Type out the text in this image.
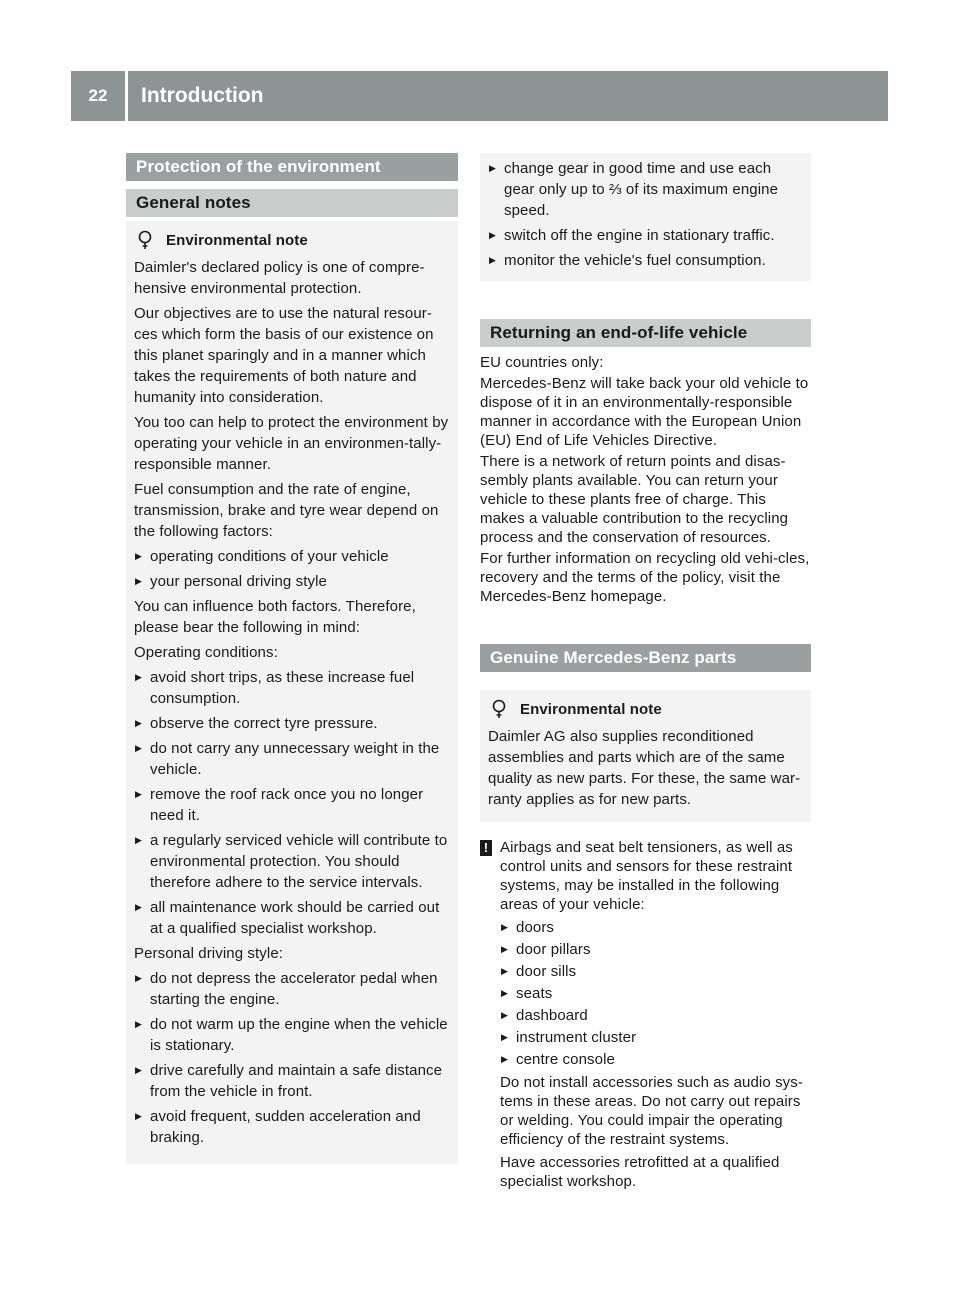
22	Introduction
Protection of the environment
General notes
Environmental note

Daimler's declared policy is one of compre-hensive environmental protection.

Our objectives are to use the natural resour-ces which form the basis of our existence on this planet sparingly and in a manner which takes the requirements of both nature and humanity into consideration.

You too can help to protect the environment by operating your vehicle in an environmen-tally-responsible manner.

Fuel consumption and the rate of engine, transmission, brake and tyre wear depend on the following factors:

▶ operating conditions of your vehicle
▶ your personal driving style

You can influence both factors. Therefore, please bear the following in mind:

Operating conditions:

▶ avoid short trips, as these increase fuel consumption.
▶ observe the correct tyre pressure.
▶ do not carry any unnecessary weight in the vehicle.
▶ remove the roof rack once you no longer need it.
▶ a regularly serviced vehicle will contribute to environmental protection. You should therefore adhere to the service intervals.
▶ all maintenance work should be carried out at a qualified specialist workshop.

Personal driving style:

▶ do not depress the accelerator pedal when starting the engine.
▶ do not warm up the engine when the vehicle is stationary.
▶ drive carefully and maintain a safe distance from the vehicle in front.
▶ avoid frequent, sudden acceleration and braking.
▶ change gear in good time and use each gear only up to ⅔ of its maximum engine speed.
▶ switch off the engine in stationary traffic.
▶ monitor the vehicle's fuel consumption.
Returning an end-of-life vehicle

EU countries only:

Mercedes-Benz will take back your old vehicle to dispose of it in an environmentally-responsible manner in accordance with the European Union (EU) End of Life Vehicles Directive.

There is a network of return points and disas-sembly plants available. You can return your vehicle to these plants free of charge. This makes a valuable contribution to the recycling process and the conservation of resources.

For further information on recycling old vehi-cles, recovery and the terms of the policy, visit the Mercedes-Benz homepage.

Genuine Mercedes-Benz parts
Environmental note

Daimler AG also supplies reconditioned assemblies and parts which are of the same quality as new parts. For these, the same war-ranty applies as for new parts.

! Airbags and seat belt tensioners, as well as control units and sensors for these restraint systems, may be installed in the following areas of your vehicle:

▶ doors
▶ door pillars
▶ door sills
▶ seats
▶ dashboard
▶ instrument cluster
▶ centre console

Do not install accessories such as audio sys-tems in these areas. Do not carry out repairs or welding. You could impair the operating efficiency of the restraint systems.

Have accessories retrofitted at a qualified specialist workshop.
